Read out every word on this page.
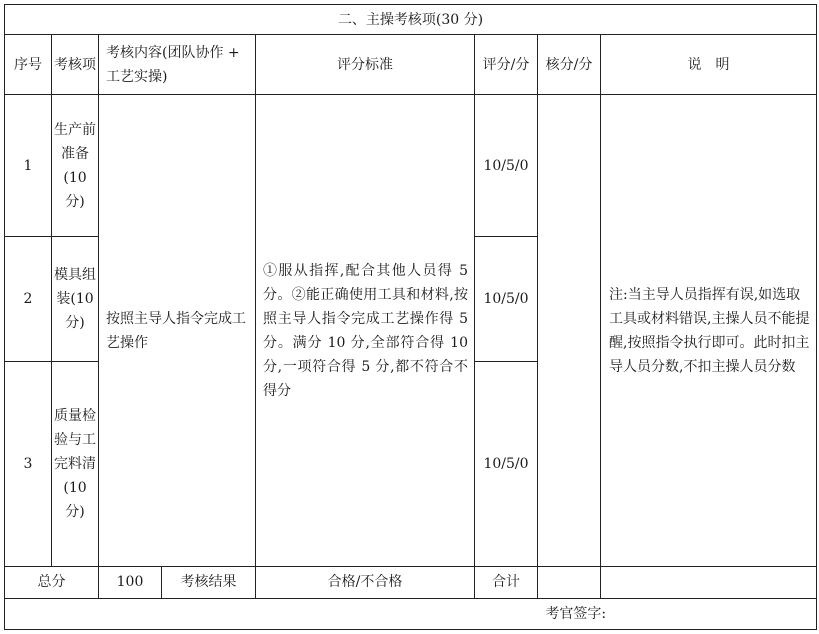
二、主操考核项(30 分)							
序号	考核项	考核内容(团队协作 + 工艺实操)		评分标准	评分/分	核分/分	说　明
1	生产前准备(10分)	按照主导人指令完成工艺操作		①服从指挥,配合其他人员得 5 分。②能正确使用工具和材料,按照主导人指令完成工艺操作得 5 分。满分 10 分,全部符合得 10 分,一项符合得 5 分,都不符合不得分	10/5/0		注:当主导人员指挥有误,如选取工具或材料错误,主操人员不能提醒,按照指令执行即可。此时扣主导人员分数,不扣主操人员分数
2	模具组装(10分)				10/5/0		
3	质量检验与工完料清(10分)				10/5/0		
总分		100	考核结果	合格/不合格	合计		
考官签字:							
